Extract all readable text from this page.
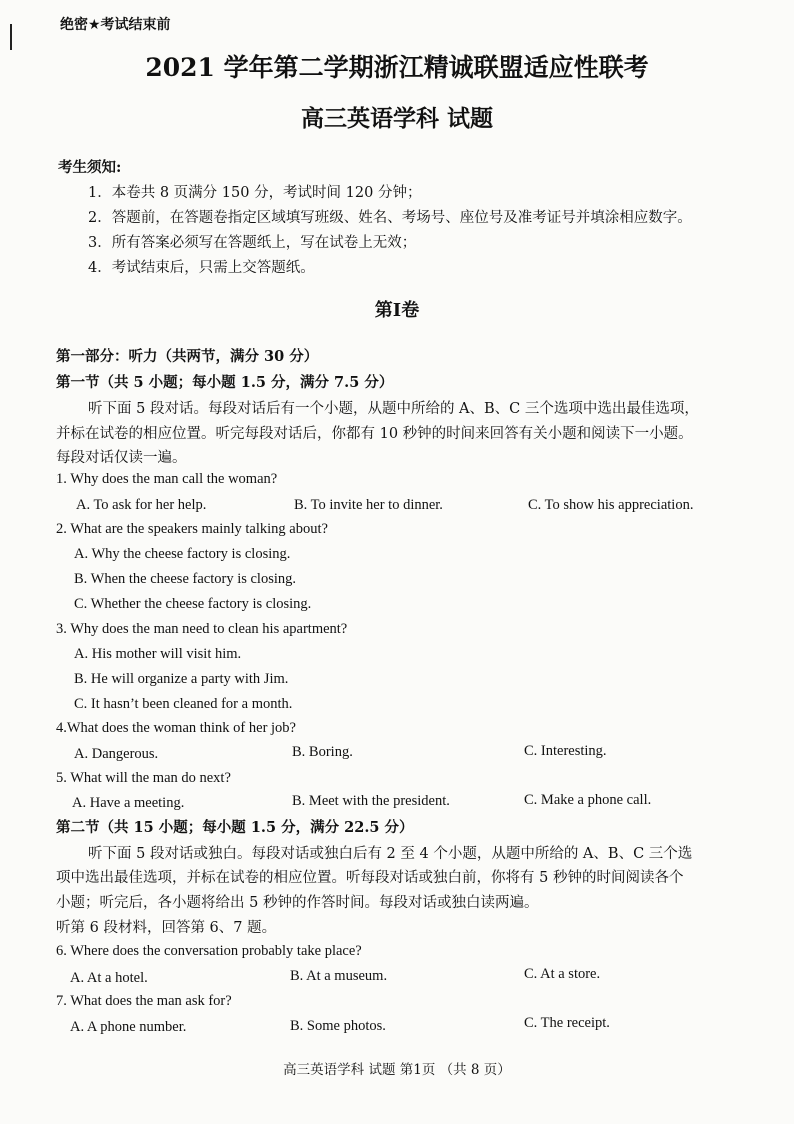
绝密★考试结束前
2021 学年第二学期浙江精诚联盟适应性联考
高三英语学科 试题
考生须知:
1．本卷共 8 页满分 150 分，考试时间 120 分钟；
2．答题前，在答题卷指定区域填写班级、姓名、考场号、座位号及准考证号并填涂相应数字。
3．所有答案必须写在答题纸上，写在试卷上无效；
4．考试结束后，只需上交答题纸。
第I卷
第一部分：听力（共两节，满分 30 分）
第一节（共 5 小题；每小题 1.5 分，满分 7.5 分）
听下面 5 段对话。每段对话后有一个小题，从题中所给的 A、B、C 三个选项中选出最佳选项，
并标在试卷的相应位置。听完每段对话后，你都有 10 秒钟的时间来回答有关小题和阅读下一小题。
每段对话仅读一遍。
1. Why does the man call the woman?
A. To ask for her help.	B. To invite her to dinner.	C. To show his appreciation.
2. What are the speakers mainly talking about?
A. Why the cheese factory is closing.
B. When the cheese factory is closing.
C. Whether the cheese factory is closing.
3. Why does the man need to clean his apartment?
A. His mother will visit him.
B. He will organize a party with Jim.
C. It hasn’t been cleaned for a month.
4.What does the woman think of her job?
A. Dangerous.	B. Boring.	C. Interesting.
5. What will the man do next?
A. Have a meeting.	B. Meet with the president.	C. Make a phone call.
第二节（共 15 小题；每小题 1.5 分，满分 22.5 分）
听下面 5 段对话或独白。每段对话或独白后有 2 至 4 个小题，从题中所给的 A、B、C 三个选
项中选出最佳选项，并标在试卷的相应位置。听每段对话或独白前，你将有 5 秒钟的时间阅读各个
小题；听完后，各小题将给出 5 秒钟的作答时间。每段对话或独白读两遍。
听第 6 段材料，回答第 6、7 题。
6. Where does the conversation probably take place?
A. At a hotel.	B. At a museum.	C. At a store.
7. What does the man ask for?
A. A phone number.	B. Some photos.	C. The receipt.
高三英语学科 试题 第1页 （共 8 页）
